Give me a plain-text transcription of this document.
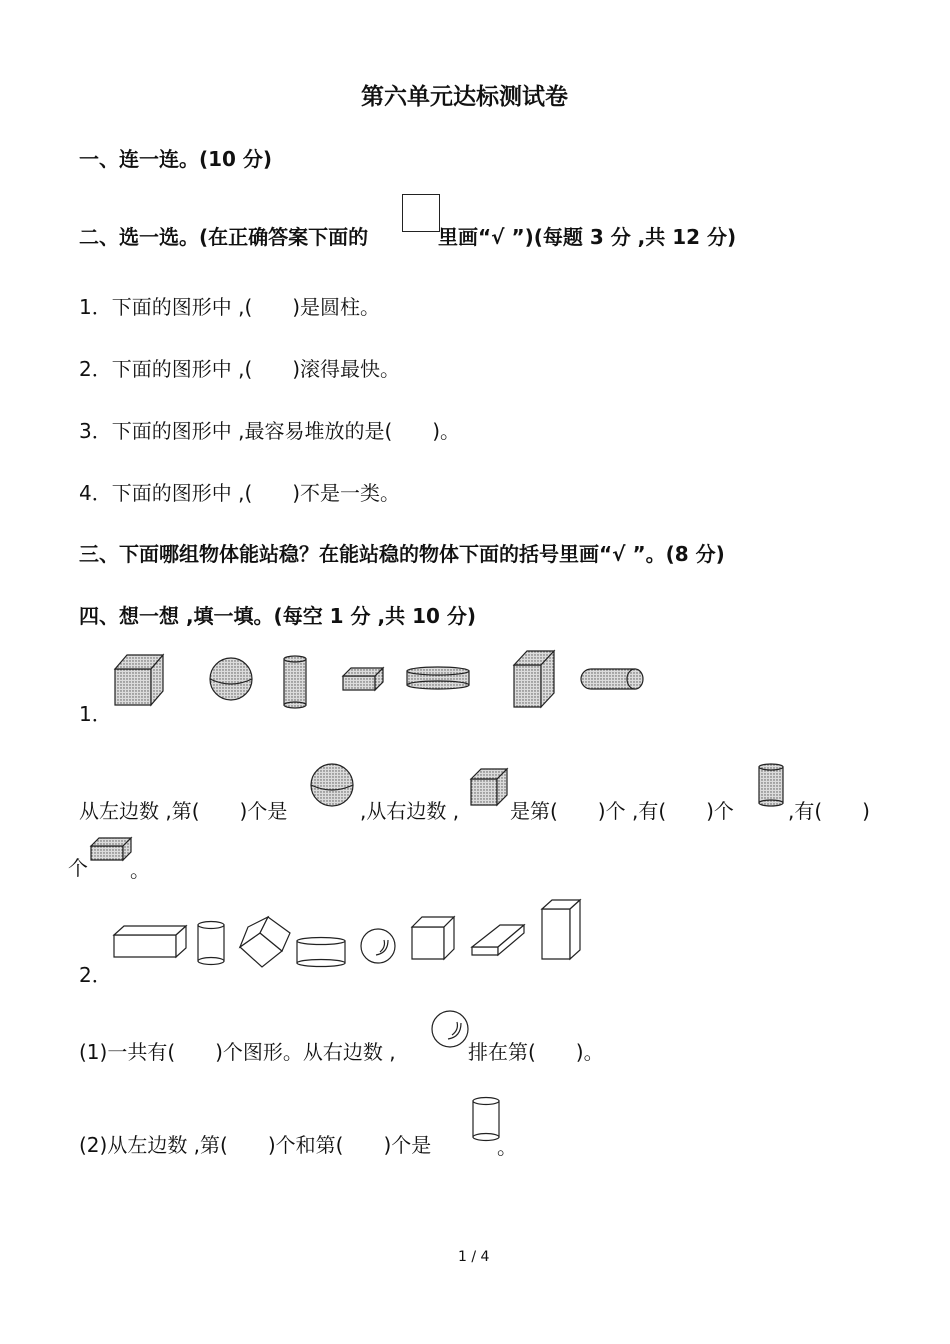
第六单元达标测试卷
一、连一连。(10 分)
二、选一选。(在正确答案下面的	里画“√ ”)(每题 3 分 ,共 12 分)
1．下面的图形中 ,(　　)是圆柱。
2．下面的图形中 ,(　　)滚得最快。
3．下面的图形中 ,最容易堆放的是(　　)。
4．下面的图形中 ,(　　)不是一类。
三、下面哪组物体能站稳？在能站稳的物体下面的括号里画“√ ”。(8 分)
四、想一想 ,填一填。(每空 1 分 ,共 10 分)
1．
从左边数 ,第(　　)个是	,从右边数 ,	是第(　　)个 ,有(　　)个	,有(　　)
个 。
2．
(1)一共有(　　)个图形。从右边数 ,	排在第(　　)。
(2)从左边数 ,第(　　)个和第(　　)个是	。
1 / 4
